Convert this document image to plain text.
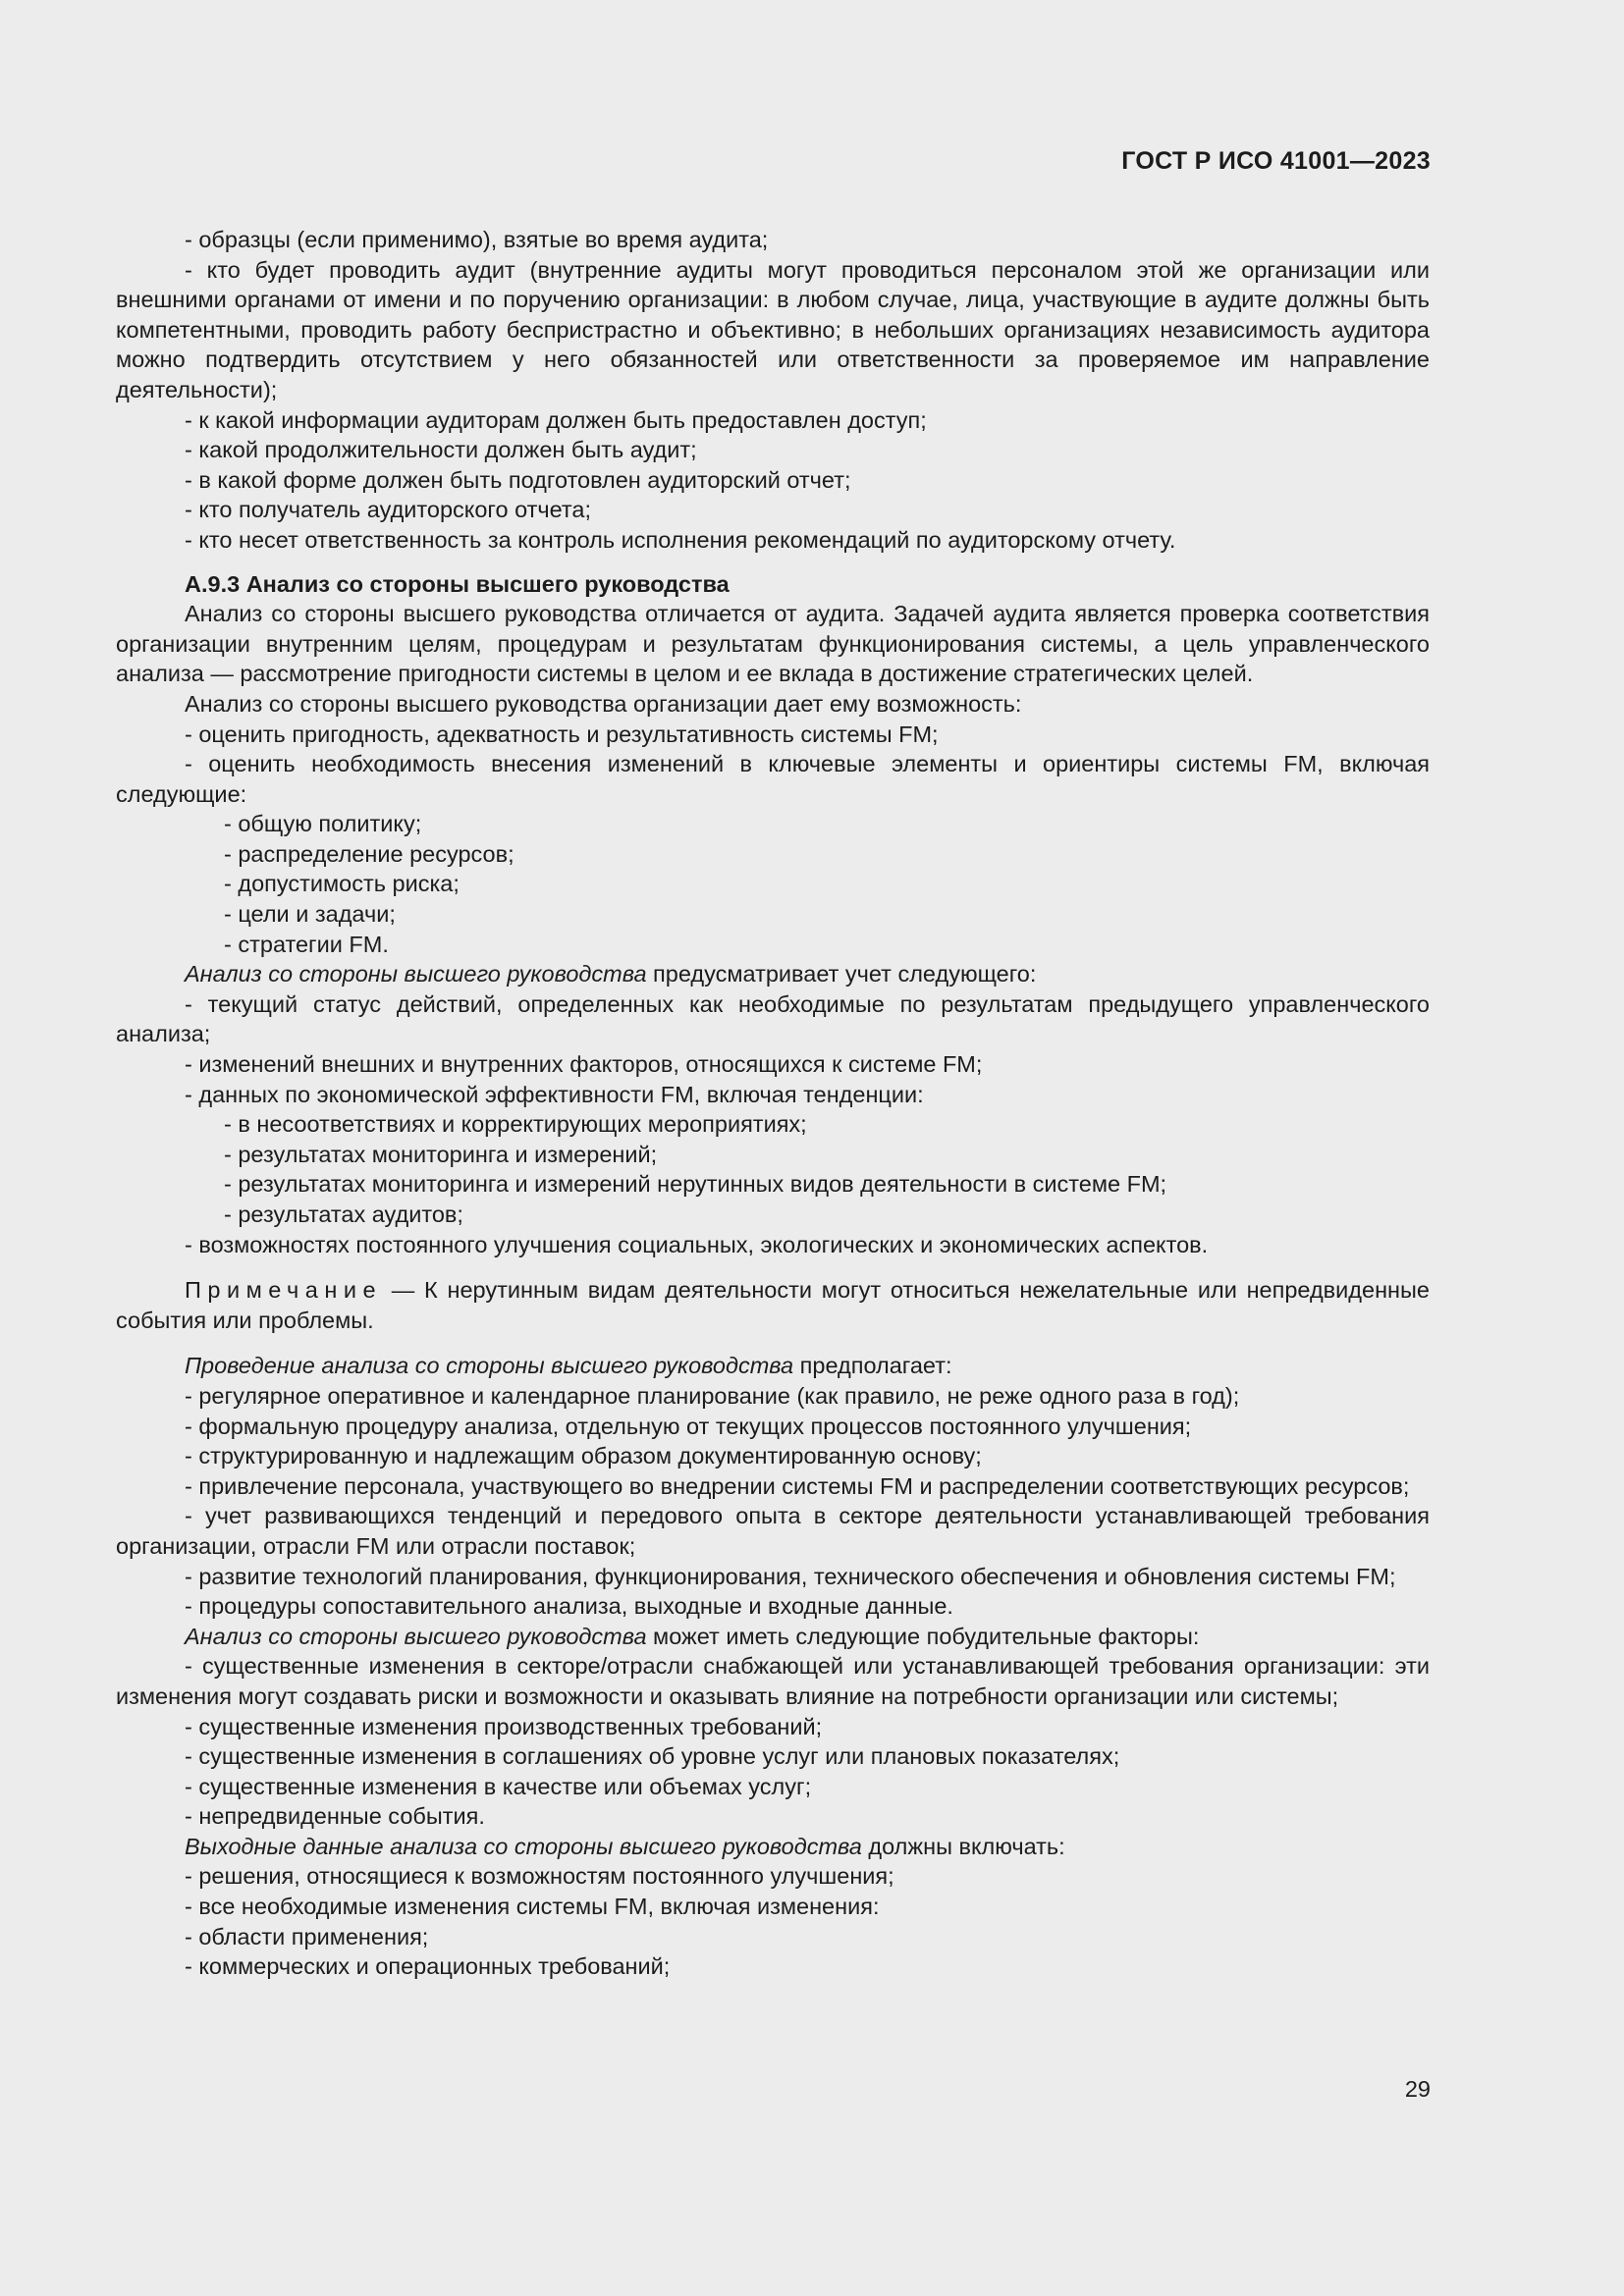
ГОСТ Р ИСО 41001—2023

- образцы (если применимо), взятые во время аудита;

- кто будет проводить аудит (внутренние аудиты могут проводиться персоналом этой же организации или внешними органами от имени и по поручению организации: в любом случае, лица, участвующие в аудите должны быть компетентными, проводить работу беспристрастно и объективно; в небольших организациях независимость аудитора можно подтвердить отсутствием у него обязанностей или ответственности за проверяемое им направление деятельности);

- к какой информации аудиторам должен быть предоставлен доступ;

- какой продолжительности должен быть аудит;

- в какой форме должен быть подготовлен аудиторский отчет;

- кто получатель аудиторского отчета;

- кто несет ответственность за контроль исполнения рекомендаций по аудиторскому отчету.

А.9.3 Анализ со стороны высшего руководства

Анализ со стороны высшего руководства отличается от аудита. Задачей аудита является проверка соответствия организации внутренним целям, процедурам и результатам функционирования системы, а цель управленческого анализа — рассмотрение пригодности системы в целом и ее вклада в достижение стратегических целей.

Анализ со стороны высшего руководства организации дает ему возможность:

- оценить пригодность, адекватность и результативность системы FM;

- оценить необходимость внесения изменений в ключевые элементы и ориентиры системы FM, включая следующие:

- общую политику;

- распределение ресурсов;

- допустимость риска;

- цели и задачи;

- стратегии FM.

Анализ со стороны высшего руководства предусматривает учет следующего:

- текущий статус действий, определенных как необходимые по результатам предыдущего управленческого анализа;

- изменений внешних и внутренних факторов, относящихся к системе FM;

- данных по экономической эффективности FM, включая тенденции:

- в несоответствиях и корректирующих мероприятиях;

- результатах мониторинга и измерений;

- результатах мониторинга и измерений нерутинных видов деятельности в системе FM;

- результатах аудитов;

- возможностях постоянного улучшения социальных, экологических и экономических аспектов.

Примечание — К нерутинным видам деятельности могут относиться нежелательные или непредвиденные события или проблемы.

Проведение анализа со стороны высшего руководства предполагает:

- регулярное оперативное и календарное планирование (как правило, не реже одного раза в год);

- формальную процедуру анализа, отдельную от текущих процессов постоянного улучшения;

- структурированную и надлежащим образом документированную основу;

- привлечение персонала, участвующего во внедрении системы FM и распределении соответствующих ресурсов;

- учет развивающихся тенденций и передового опыта в секторе деятельности устанавливающей требования организации, отрасли FM или отрасли поставок;

- развитие технологий планирования, функционирования, технического обеспечения и обновления системы FM;

- процедуры сопоставительного анализа, выходные и входные данные.

Анализ со стороны высшего руководства может иметь следующие побудительные факторы:

- существенные изменения в секторе/отрасли снабжающей или устанавливающей требования организации: эти изменения могут создавать риски и возможности и оказывать влияние на потребности организации или системы;

- существенные изменения производственных требований;

- существенные изменения в соглашениях об уровне услуг или плановых показателях;

- существенные изменения в качестве или объемах услуг;

- непредвиденные события.

Выходные данные анализа со стороны высшего руководства должны включать:

- решения, относящиеся к возможностям постоянного улучшения;

- все необходимые изменения системы FM, включая изменения:

- области применения;

- коммерческих и операционных требований;

29
